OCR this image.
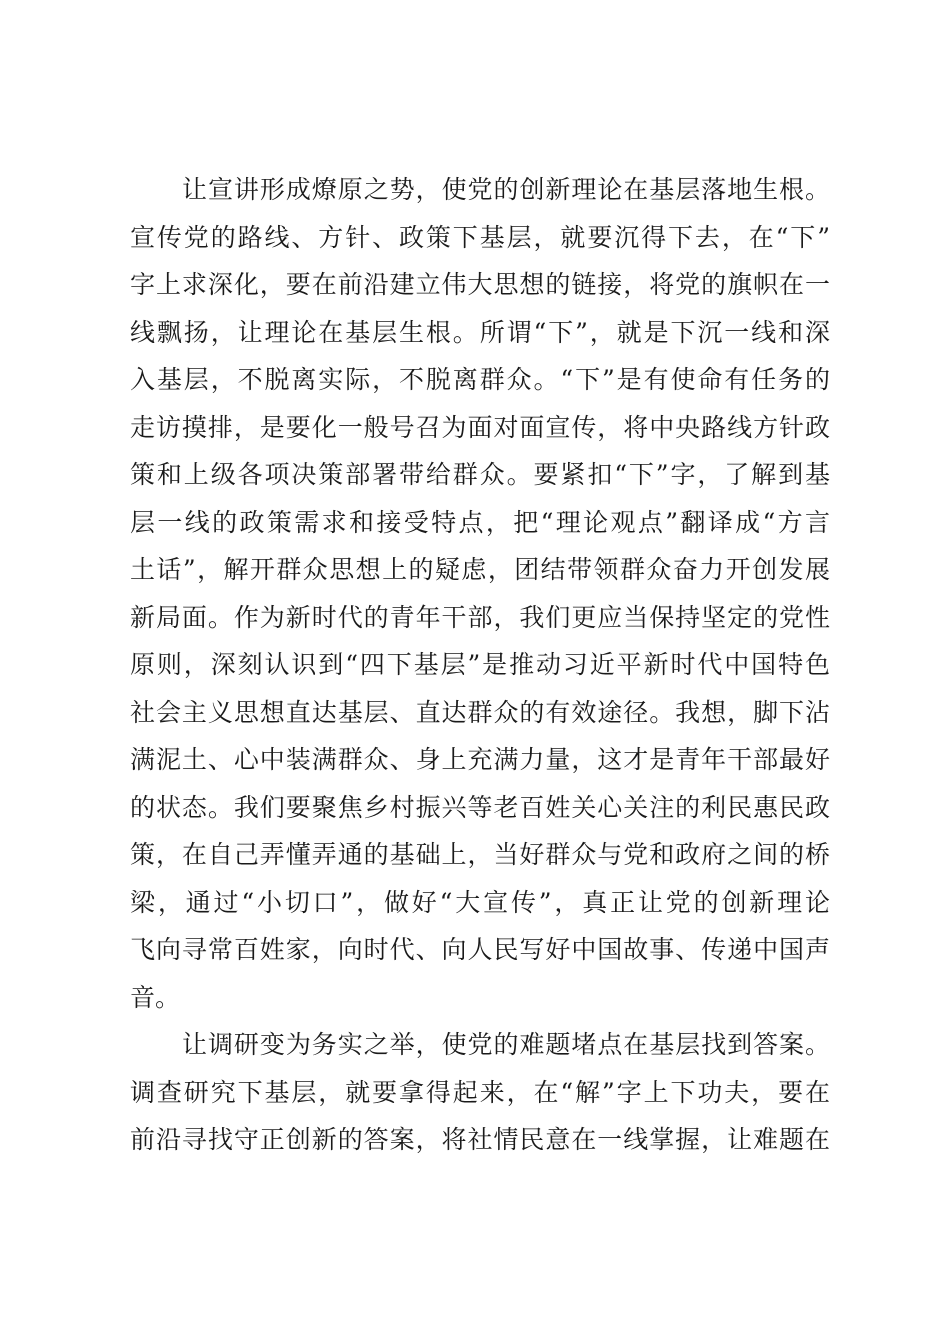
让宣讲形成燎原之势，使党的创新理论在基层落地生根。
宣传党的路线、方针、政策下基层，就要沉得下去，在“下”
字上求深化，要在前沿建立伟大思想的链接，将党的旗帜在一
线飘扬，让理论在基层生根。所谓“下”，就是下沉一线和深
入基层，不脱离实际，不脱离群众。“下”是有使命有任务的
走访摸排，是要化一般号召为面对面宣传，将中央路线方针政
策和上级各项决策部署带给群众。要紧扣“下”字，了解到基
层一线的政策需求和接受特点，把“理论观点”翻译成“方言
土话”，解开群众思想上的疑虑，团结带领群众奋力开创发展
新局面。作为新时代的青年干部，我们更应当保持坚定的党性
原则，深刻认识到“四下基层”是推动习近平新时代中国特色
社会主义思想直达基层、直达群众的有效途径。我想，脚下沾
满泥土、心中装满群众、身上充满力量，这才是青年干部最好
的状态。我们要聚焦乡村振兴等老百姓关心关注的利民惠民政
策，在自己弄懂弄通的基础上，当好群众与党和政府之间的桥
梁，通过“小切口”，做好“大宣传”，真正让党的创新理论
飞向寻常百姓家，向时代、向人民写好中国故事、传递中国声
音。
让调研变为务实之举，使党的难题堵点在基层找到答案。
调查研究下基层，就要拿得起来，在“解”字上下功夫，要在
前沿寻找守正创新的答案，将社情民意在一线掌握，让难题在
